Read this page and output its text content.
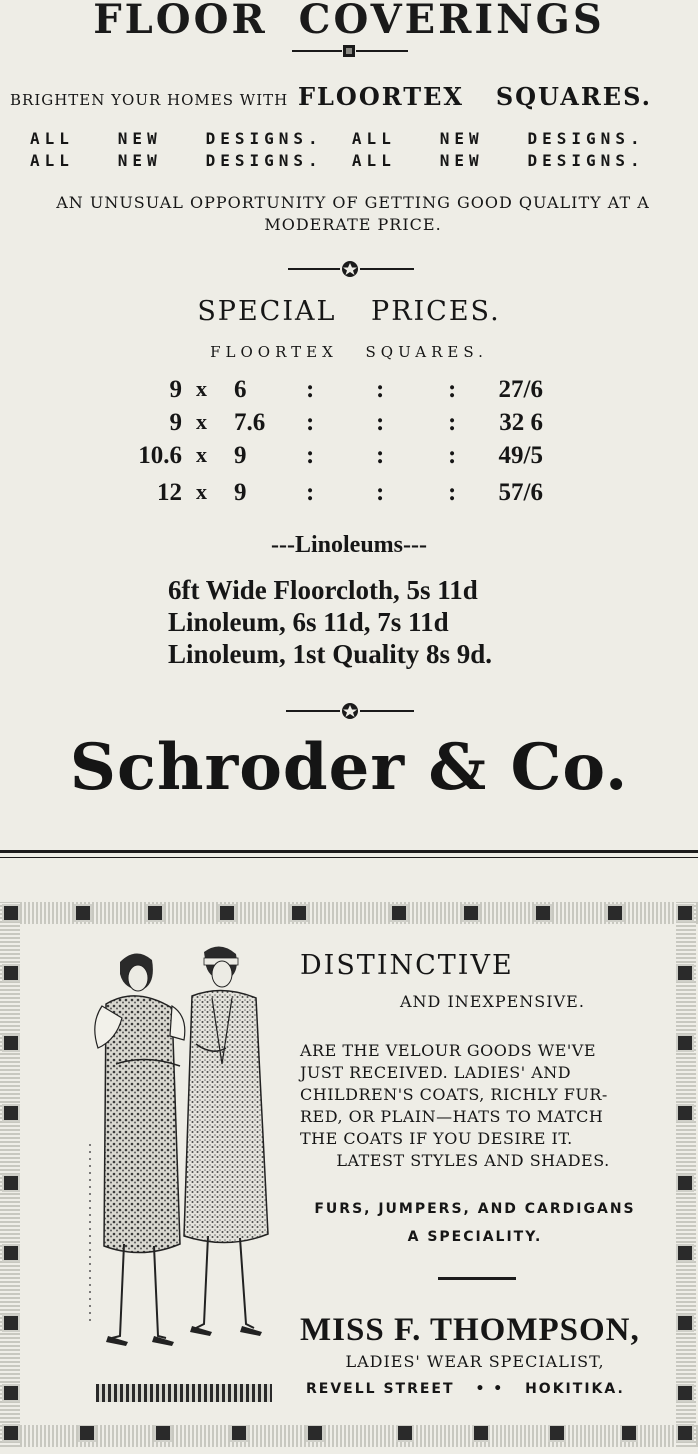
FLOOR COVERINGS
BRIGHTEN YOUR HOMES WITH FLOORTEX SQUARES.
ALL   NEW   DESIGNS.  ALL   NEW   DESIGNS.
ALL   NEW   DESIGNS.  ALL   NEW   DESIGNS.
AN UNUSUAL OPPORTUNITY OF GETTING GOOD QUALITY AT A
MODERATE PRICE.
SPECIAL PRICES.
FLOORTEX SQUARES.
9 x 6 : :	:	27/6
9 x 7.6 : :	:	32 6
10.6 x 9 : :	:	49/5
12 x 9 : :	:	57/6
---Linoleums---
6ft Wide Floorcloth, 5s 11d
Linoleum, 6s 11d, 7s 11d
Linoleum, 1st Quality 8s 9d.
Schroder & Co.
DISTINCTIVE
AND INEXPENSIVE.
ARE THE VELOUR GOODS WE'VE
JUST RECEIVED. LADIES' AND
CHILDREN'S COATS, RICHLY FUR-
RED, OR PLAIN—HATS TO MATCH
THE COATS IF YOU DESIRE IT.
LATEST STYLES AND SHADES.
FURS, JUMPERS, AND CARDIGANS
A SPECIALITY.
MISS F. THOMPSON,
LADIES' WEAR SPECIALIST,
REVELL STREET • • HOKITIKA.
